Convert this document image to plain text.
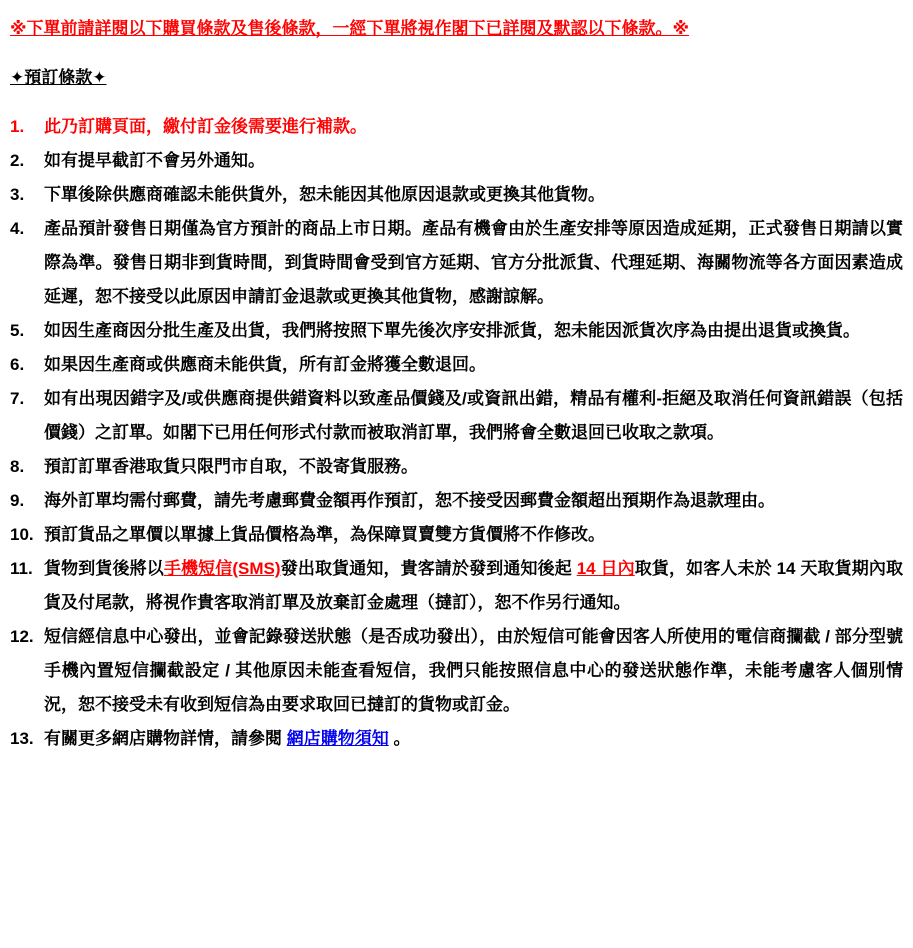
※下單前請詳閱以下購買條款及售後條款，一經下單將視作閣下已詳閱及默認以下條款。※
✦預訂條款✦
1.	此乃訂購頁面，繳付訂金後需要進行補款。
2.	如有提早截訂不會另外通知。
3.	下單後除供應商確認未能供貨外，恕未能因其他原因退款或更換其他貨物。
4.	產品預計發售日期僅為官方預計的商品上市日期。產品有機會由於生產安排等原因造成延期，正式發售日期請以實際為準。發售日期非到貨時間，到貨時間會受到官方延期、官方分批派貨、代理延期、海關物流等各方面因素造成延遲，恕不接受以此原因申請訂金退款或更換其他貨物，感謝諒解。
5.	如因生產商因分批生產及出貨，我們將按照下單先後次序安排派貨，恕未能因派貨次序為由提出退貨或換貨。
6.	如果因生產商或供應商未能供貨，所有訂金將獲全數退回。
7.	如有出現因錯字及/或供應商提供錯資料以致產品價錢及/或資訊出錯，精品有權利-拒絕及取消任何資訊錯誤（包括價錢）之訂單。如閣下已用任何形式付款而被取消訂單，我們將會全數退回已收取之款項。
8.	預訂訂單香港取貨只限門市自取，不設寄貨服務。
9.	海外訂單均需付郵費，請先考慮郵費金額再作預訂，恕不接受因郵費金額超出預期作為退款理由。
10. 預訂貨品之單價以單據上貨品價格為準，為保障買賣雙方貨價將不作修改。
11. 貨物到貨後將以手機短信(SMS)發出取貨通知，貴客請於發到通知後起 14 日內取貨，如客人未於 14 天取貨期內取貨及付尾款，將視作貴客取消訂單及放棄訂金處理（撻訂），恕不作另行通知。
12. 短信經信息中心發出，並會記錄發送狀態（是否成功發出），由於短信可能會因客人所使用的電信商攔截 / 部分型號手機內置短信攔截設定 / 其他原因未能查看短信，我們只能按照信息中心的發送狀態作準，未能考慮客人個別情況，恕不接受未有收到短信為由要求取回已撻訂的貨物或訂金。
13. 有關更多網店購物詳情，請參閱 網店購物須知 。
